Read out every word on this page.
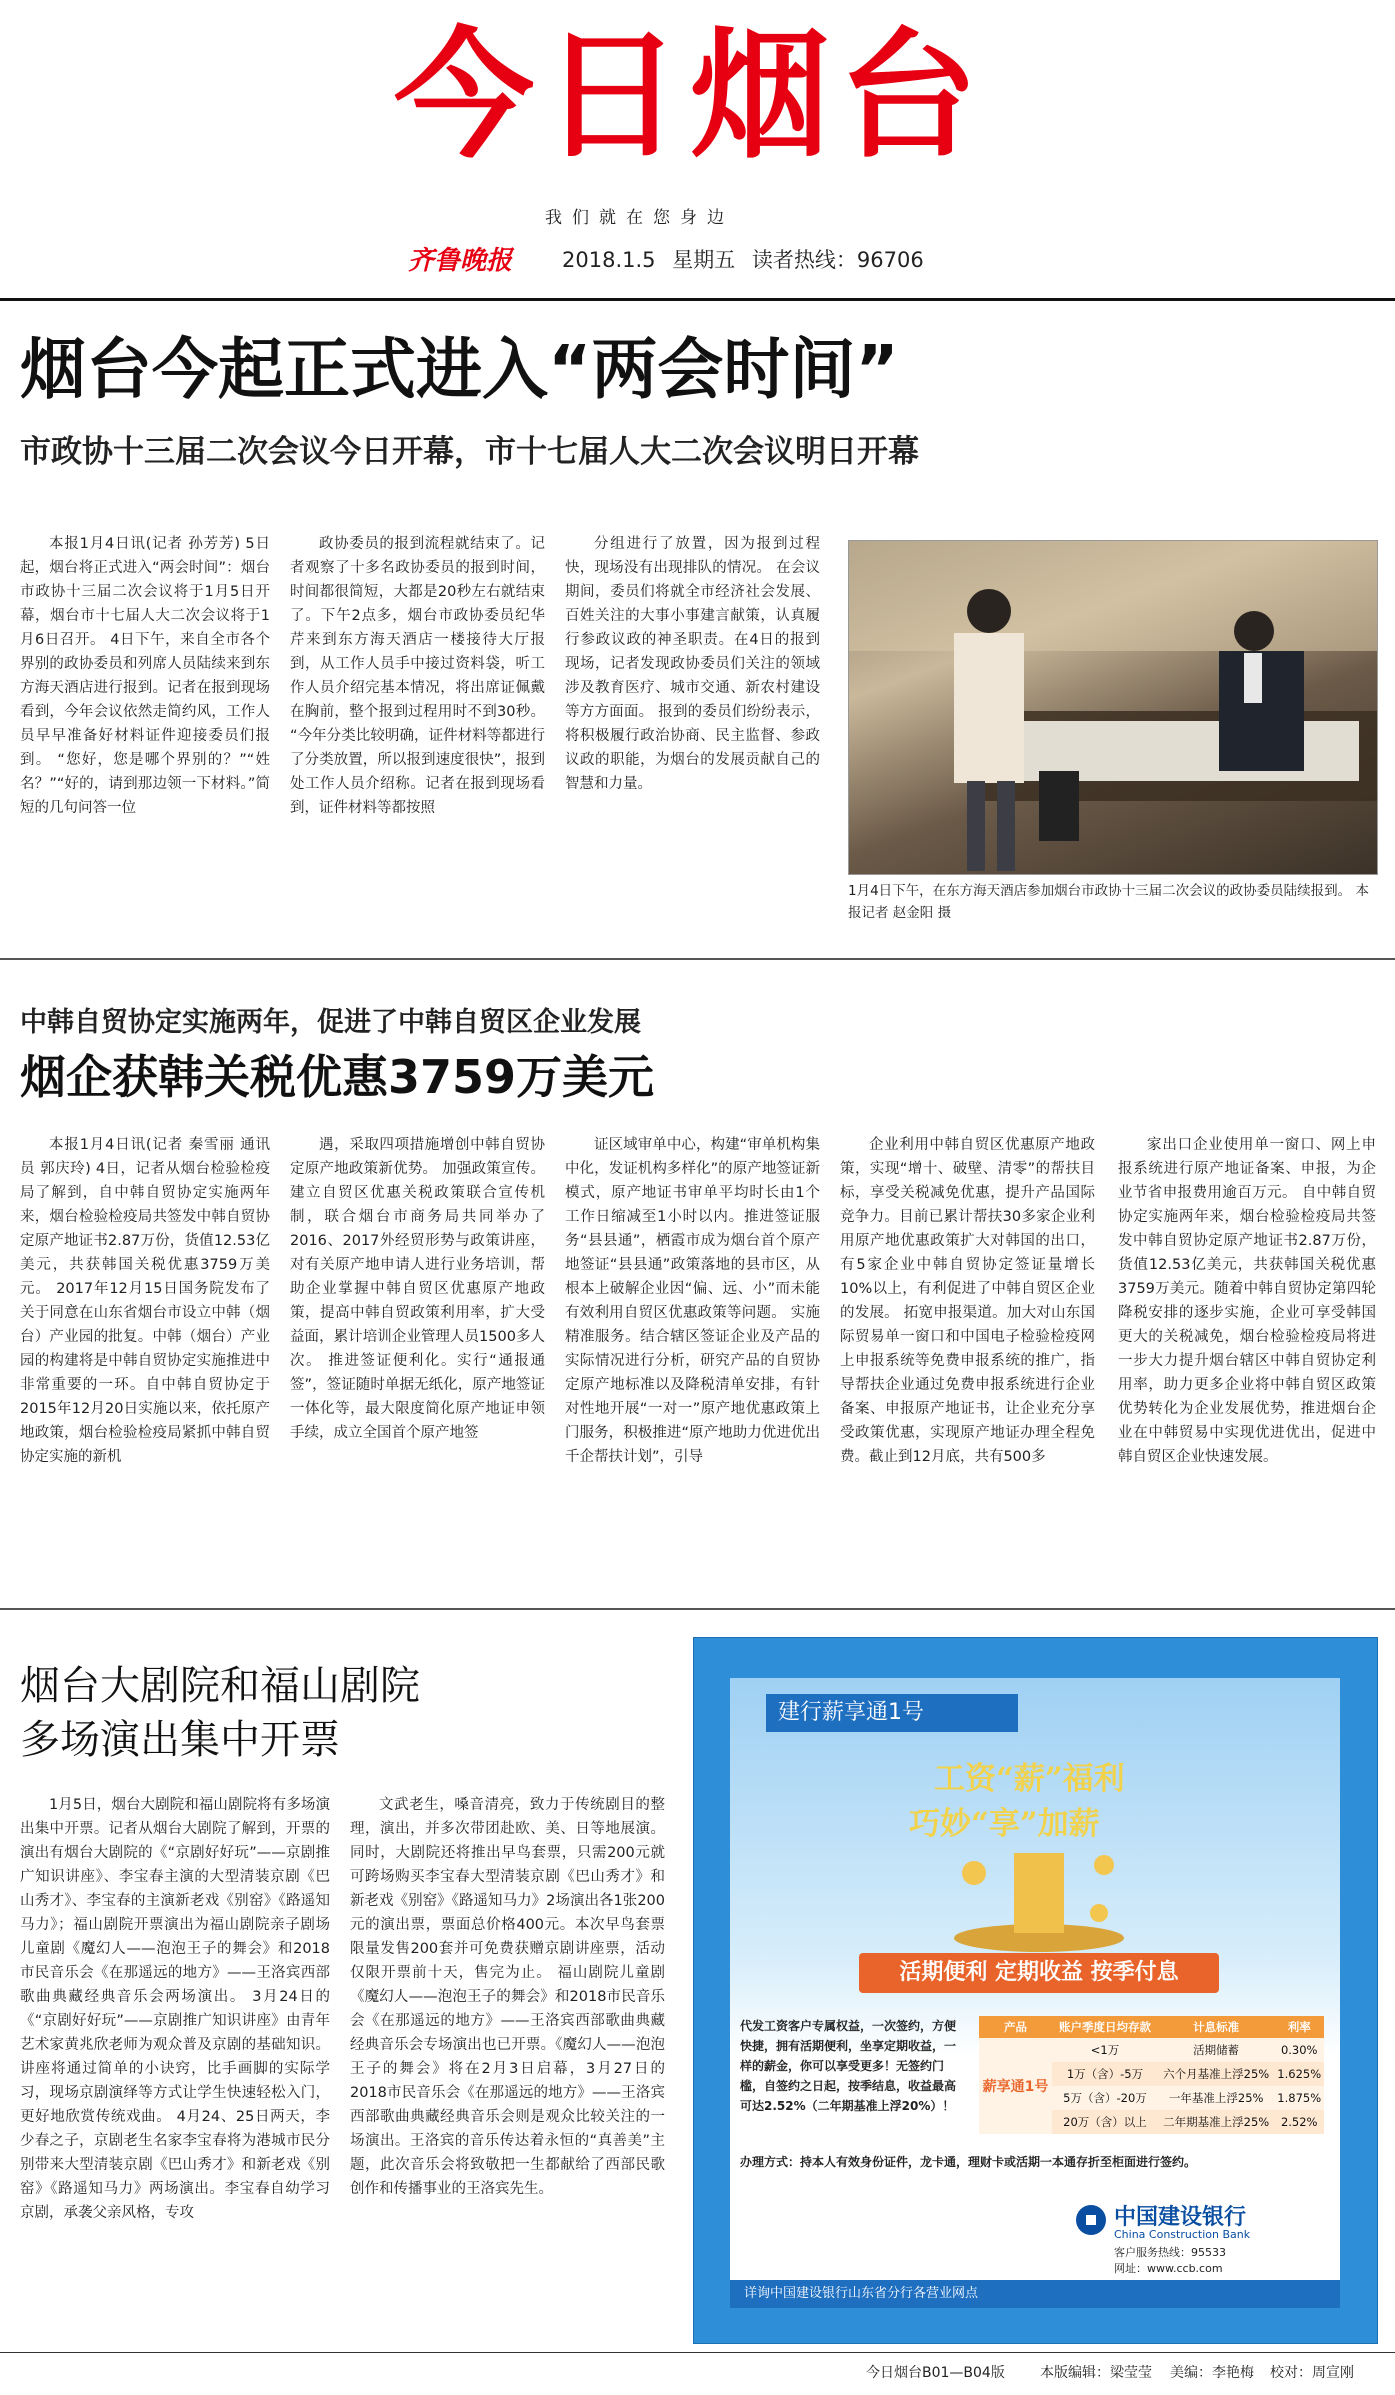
今日烟台
我们就在您身边
齐鲁晚报 2018.1.5 星期五 读者热线：96706
烟台今起正式进入“两会时间”
市政协十三届二次会议今日开幕，市十七届人大二次会议明日开幕

本报1月4日讯(记者 孙芳芳) 5日起，烟台将正式进入“两会时间”：烟台市政协十三届二次会议将于1月5日开幕，烟台市十七届人大二次会议将于1月6日召开。 4日下午，来自全市各个界别的政协委员和列席人员陆续来到东方海天酒店进行报到。记者在报到现场看到，今年会议依然走简约风，工作人员早早准备好材料证件迎接委员们报到。 “您好，您是哪个界别的？”“姓名？”“好的，请到那边领一下材料。”简短的几句问答一位

政协委员的报到流程就结束了。记者观察了十多名政协委员的报到时间，时间都很简短，大都是20秒左右就结束了。下午2点多，烟台市政协委员纪华芹来到东方海天酒店一楼接待大厅报到，从工作人员手中接过资料袋，听工作人员介绍完基本情况，将出席证佩戴在胸前，整个报到过程用时不到30秒。 “今年分类比较明确，证件材料等都进行了分类放置，所以报到速度很快”，报到处工作人员介绍称。记者在报到现场看到，证件材料等都按照

分组进行了放置，因为报到过程快，现场没有出现排队的情况。 在会议期间，委员们将就全市经济社会发展、百姓关注的大事小事建言献策，认真履行参政议政的神圣职责。在4日的报到现场，记者发现政协委员们关注的领域涉及教育医疗、城市交通、新农村建设等方方面面。 报到的委员们纷纷表示，将积极履行政治协商、民主监督、参政议政的职能，为烟台的发展贡献自己的智慧和力量。

1月4日下午，在东方海天酒店参加烟台市政协十三届二次会议的政协委员陆续报到。 本报记者 赵金阳 摄
中韩自贸协定实施两年，促进了中韩自贸区企业发展
烟企获韩关税优惠3759万美元

本报1月4日讯(记者 秦雪丽 通讯员 郭庆玲) 4日，记者从烟台检验检疫局了解到，自中韩自贸协定实施两年来，烟台检验检疫局共签发中韩自贸协定原产地证书2.87万份，货值12.53亿美元，共获韩国关税优惠3759万美元。 2017年12月15日国务院发布了关于同意在山东省烟台市设立中韩（烟台）产业园的批复。中韩（烟台）产业园的构建将是中韩自贸协定实施推进中非常重要的一环。自中韩自贸协定于2015年12月20日实施以来，依托原产地政策，烟台检验检疫局紧抓中韩自贸协定实施的新机

遇，采取四项措施增创中韩自贸协定原产地政策新优势。 加强政策宣传。建立自贸区优惠关税政策联合宣传机制，联合烟台市商务局共同举办了2016、2017外经贸形势与政策讲座，对有关原产地申请人进行业务培训，帮助企业掌握中韩自贸区优惠原产地政策，提高中韩自贸政策利用率，扩大受益面，累计培训企业管理人员1500多人次。 推进签证便利化。实行“通报通签”，签证随时单据无纸化，原产地签证一体化等，最大限度简化原产地证申领手续，成立全国首个原产地签

证区域审单中心，构建“审单机构集中化，发证机构多样化”的原产地签证新模式，原产地证书审单平均时长由1个工作日缩减至1小时以内。推进签证服务“县县通”，栖霞市成为烟台首个原产地签证“县县通”政策落地的县市区，从根本上破解企业因“偏、远、小”而未能有效利用自贸区优惠政策等问题。 实施精准服务。结合辖区签证企业及产品的实际情况进行分析，研究产品的自贸协定原产地标准以及降税清单安排，有针对性地开展“一对一”原产地优惠政策上门服务，积极推进“原产地助力优进优出千企帮扶计划”，引导

企业利用中韩自贸区优惠原产地政策，实现“增十、破壁、清零”的帮扶目标，享受关税减免优惠，提升产品国际竞争力。目前已累计帮扶30多家企业利用原产地优惠政策扩大对韩国的出口，有5家企业中韩自贸协定签证量增长10%以上，有利促进了中韩自贸区企业的发展。 拓宽申报渠道。加大对山东国际贸易单一窗口和中国电子检验检疫网上申报系统等免费申报系统的推广，指导帮扶企业通过免费申报系统进行企业备案、申报原产地证书，让企业充分享受政策优惠，实现原产地证办理全程免费。截止到12月底，共有500多

家出口企业使用单一窗口、网上申报系统进行原产地证备案、申报，为企业节省申报费用逾百万元。 自中韩自贸协定实施两年来，烟台检验检疫局共签发中韩自贸协定原产地证书2.87万份，货值12.53亿美元，共获韩国关税优惠3759万美元。随着中韩自贸协定第四轮降税安排的逐步实施，企业可享受韩国更大的关税减免，烟台检验检疫局将进一步大力提升烟台辖区中韩自贸协定利用率，助力更多企业将中韩自贸区政策优势转化为企业发展优势，推进烟台企业在中韩贸易中实现优进优出，促进中韩自贸区企业快速发展。

烟台大剧院和福山剧院
多场演出集中开票

1月5日，烟台大剧院和福山剧院将有多场演出集中开票。记者从烟台大剧院了解到，开票的演出有烟台大剧院的《“京剧好好玩”——京剧推广知识讲座》、李宝春主演的大型清装京剧《巴山秀才》、李宝春的主演新老戏《别窑》《路遥知马力》；福山剧院开票演出为福山剧院亲子剧场儿童剧《魔幻人——泡泡王子的舞会》和2018市民音乐会《在那遥远的地方》——王洛宾西部歌曲典藏经典音乐会两场演出。 3月24日的《“京剧好好玩”——京剧推广知识讲座》由青年艺术家黄兆欣老师为观众普及京剧的基础知识。讲座将通过简单的小诀窍，比手画脚的实际学习，现场京剧演绎等方式让学生快速轻松入门，更好地欣赏传统戏曲。 4月24、25日两天，李少春之子，京剧老生名家李宝春将为港城市民分别带来大型清装京剧《巴山秀才》和新老戏《别窑》《路遥知马力》两场演出。李宝春自幼学习京剧，承袭父亲风格，专攻

文武老生，嗓音清亮，致力于传统剧目的整理，演出，并多次带团赴欧、美、日等地展演。 同时，大剧院还将推出早鸟套票，只需200元就可跨场购买李宝春大型清装京剧《巴山秀才》和新老戏《别窑》《路遥知马力》2场演出各1张200元的演出票，票面总价格400元。本次早鸟套票限量发售200套并可免费获赠京剧讲座票，活动仅限开票前十天，售完为止。 福山剧院儿童剧《魔幻人——泡泡王子的舞会》和2018市民音乐会《在那遥远的地方》——王洛宾西部歌曲典藏经典音乐会专场演出也已开票。《魔幻人——泡泡王子的舞会》将在2月3日启幕，3月27日的2018市民音乐会《在那遥远的地方》——王洛宾西部歌曲典藏经典音乐会则是观众比较关注的一场演出。王洛宾的音乐传达着永恒的“真善美”主题，此次音乐会将致敬把一生都献给了西部民歌创作和传播事业的王洛宾先生。

建行薪享通1号
工资“薪”福利
巧妙“享”加薪
活期便利 定期收益 按季付息
代发工资客户专属权益，一次签约，方便快捷，拥有活期便利，坐享定期收益，一样的薪金，你可以享受更多！无签约门槛，自签约之日起，按季结息，收益最高可达2.52%（二年期基准上浮20%）！
产品	账户季度日均存款	计息标准	利率
薪享通1号	<1万	活期储蓄	0.30%
	1万（含）-5万	六个月基准上浮25%	1.625%
	5万（含）-20万	一年基准上浮25%	1.875%
	20万（含）以上	二年期基准上浮25%	2.52%
办理方式：持本人有效身份证件，龙卡通，理财卡或活期一本通存折至柜面进行签约。
中国建设银行
China Construction Bank
客户服务热线：95533
网址：www.ccb.com
详询中国建设银行山东省分行各营业网点
今日烟台B01—B04版	本版编辑：梁莹莹 美编：李艳梅 校对：周宣刚
